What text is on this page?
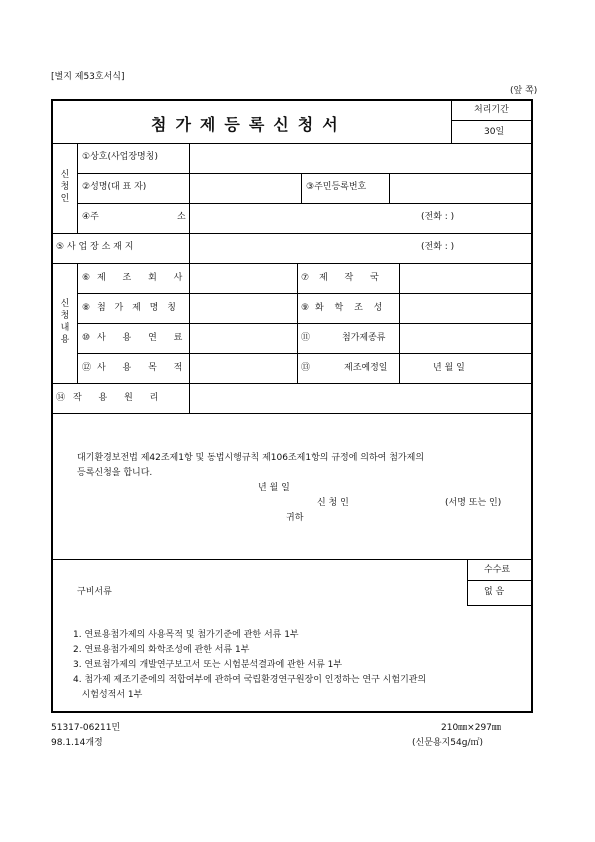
[별지 제53호서식]
(앞 쪽)
첨가제등록신청서
처리기간
30일
신청인
①상호(사업장명칭)
②성명(대 표 자)	③주민등록번호
④주	소	(전화 : )
⑤ 사 업 장 소 재 지	(전화 : )
신청내용
⑥ 제 조 회 사	⑦ 제 작 국
⑧ 첨 가 제 명 칭	⑨ 화 학 조 성
⑩ 사 용 연 료	⑪	첨가제종류
⑫ 사 용 목 적	⑬	제조예정일	년 월 일
⑭ 작 용 원 리
대기환경보전법 제42조제1항 및 동법시행규칙 제106조제1항의 규정에 의하여 첨가제의
등록신청을 합니다.
년 월 일
신 청 인	(서명 또는 인)
귀하
구비서류
수수료
없 음
1. 연료용첨가제의 사용목적 및 첨가기준에 관한 서류 1부
2. 연료용첨가제의 화학조성에 관한 서류 1부
3. 연료첨가제의 개발연구보고서 또는 시험분석결과에 관한 서류 1부
4. 첨가제 제조기준에의 적합여부에 관하여 국립환경연구원장이 인정하는 연구 시험기관의
시험성적서 1부
51317-06211민
98.1.14개정
210㎜×297㎜
(신문용지54g/㎡)
